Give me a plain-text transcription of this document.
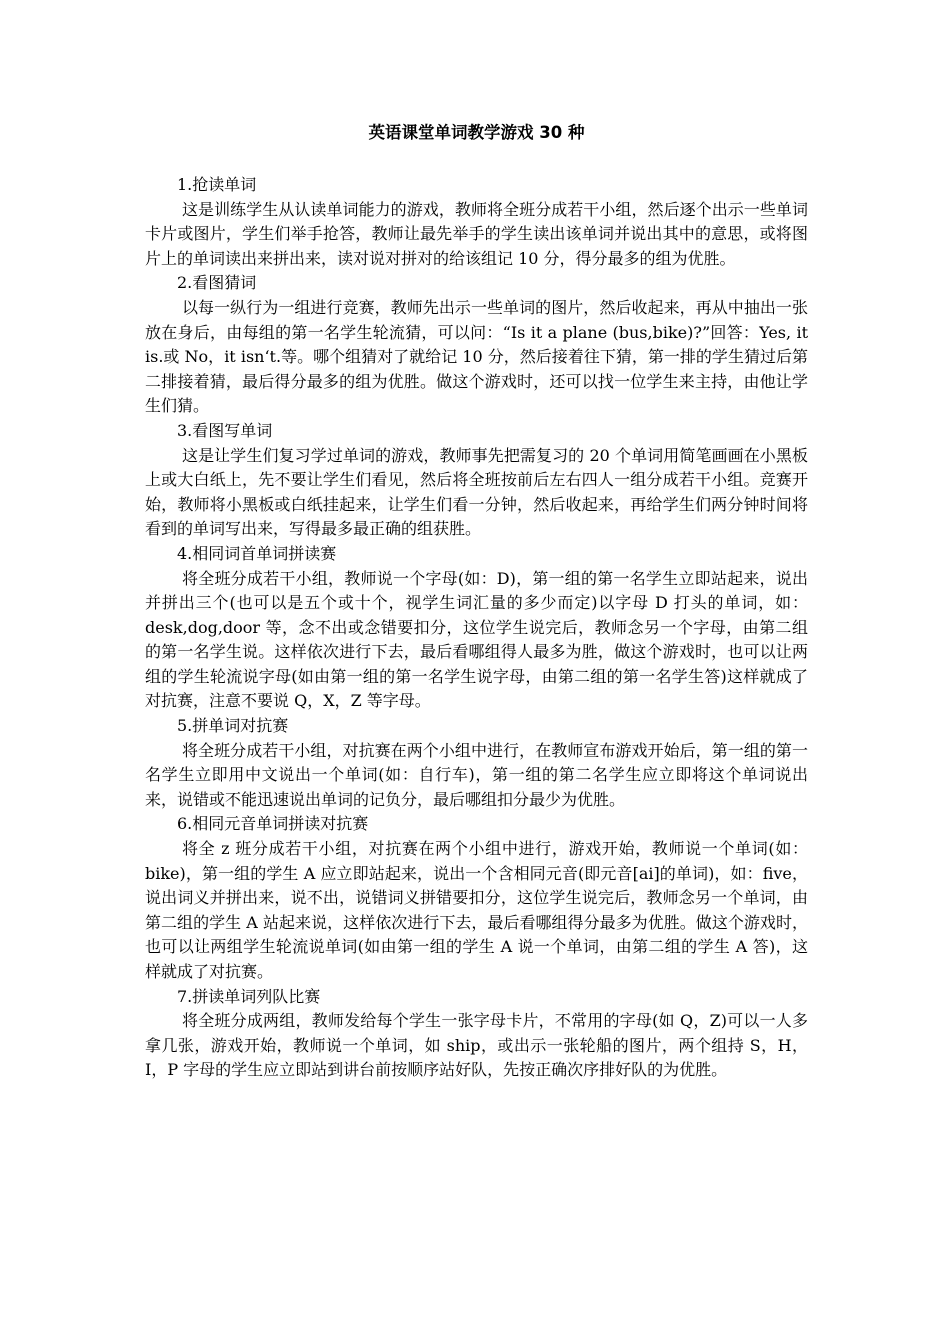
英语课堂单词教学游戏 30 种

1.抢读单词

这是训练学生从认读单词能力的游戏，教师将全班分成若干小组，然后逐个出示一些单词卡片或图片，学生们举手抢答，教师让最先举手的学生读出该单词并说出其中的意思，或将图片上的单词读出来拼出来，读对说对拼对的给该组记 10 分，得分最多的组为优胜。

2.看图猜词

以每一纵行为一组进行竞赛，教师先出示一些单词的图片，然后收起来，再从中抽出一张放在身后，由每组的第一名学生轮流猜，可以问：“Is it a plane (bus,bike)?”回答：Yes, it is.或 No，it isn‘t.等。哪个组猜对了就给记 10 分，然后接着往下猜，第一排的学生猜过后第二排接着猜，最后得分最多的组为优胜。做这个游戏时，还可以找一位学生来主持，由他让学生们猜。

3.看图写单词

这是让学生们复习学过单词的游戏，教师事先把需复习的 20 个单词用简笔画画在小黑板上或大白纸上，先不要让学生们看见，然后将全班按前后左右四人一组分成若干小组。竞赛开始，教师将小黑板或白纸挂起来，让学生们看一分钟，然后收起来，再给学生们两分钟时间将看到的单词写出来，写得最多最正确的组获胜。

4.相同词首单词拼读赛

将全班分成若干小组，教师说一个字母(如：D)，第一组的第一名学生立即站起来，说出并拼出三个(也可以是五个或十个，视学生词汇量的多少而定)以字母 D 打头的单词，如：desk,dog,door 等，念不出或念错要扣分，这位学生说完后，教师念另一个字母，由第二组的第一名学生说。这样依次进行下去，最后看哪组得人最多为胜，做这个游戏时，也可以让两组的学生轮流说字母(如由第一组的第一名学生说字母，由第二组的第一名学生答)这样就成了对抗赛，注意不要说 Q，X，Z 等字母。

5.拼单词对抗赛

将全班分成若干小组，对抗赛在两个小组中进行，在教师宣布游戏开始后，第一组的第一名学生立即用中文说出一个单词(如：自行车)，第一组的第二名学生应立即将这个单词说出来，说错或不能迅速说出单词的记负分，最后哪组扣分最少为优胜。

6.相同元音单词拼读对抗赛

将全 z 班分成若干小组，对抗赛在两个小组中进行，游戏开始，教师说一个单词(如：bike)，第一组的学生 A 应立即站起来，说出一个含相同元音(即元音[ai]的单词)，如：five，说出词义并拼出来，说不出，说错词义拼错要扣分，这位学生说完后，教师念另一个单词，由第二组的学生 A 站起来说，这样依次进行下去，最后看哪组得分最多为优胜。做这个游戏时，也可以让两组学生轮流说单词(如由第一组的学生 A 说一个单词，由第二组的学生 A 答)，这样就成了对抗赛。

7.拼读单词列队比赛

将全班分成两组，教师发给每个学生一张字母卡片，不常用的字母(如 Q，Z)可以一人多拿几张，游戏开始，教师说一个单词，如 ship，或出示一张轮船的图片，两个组持 S，H，I，P 字母的学生应立即站到讲台前按顺序站好队，先按正确次序排好队的为优胜。
